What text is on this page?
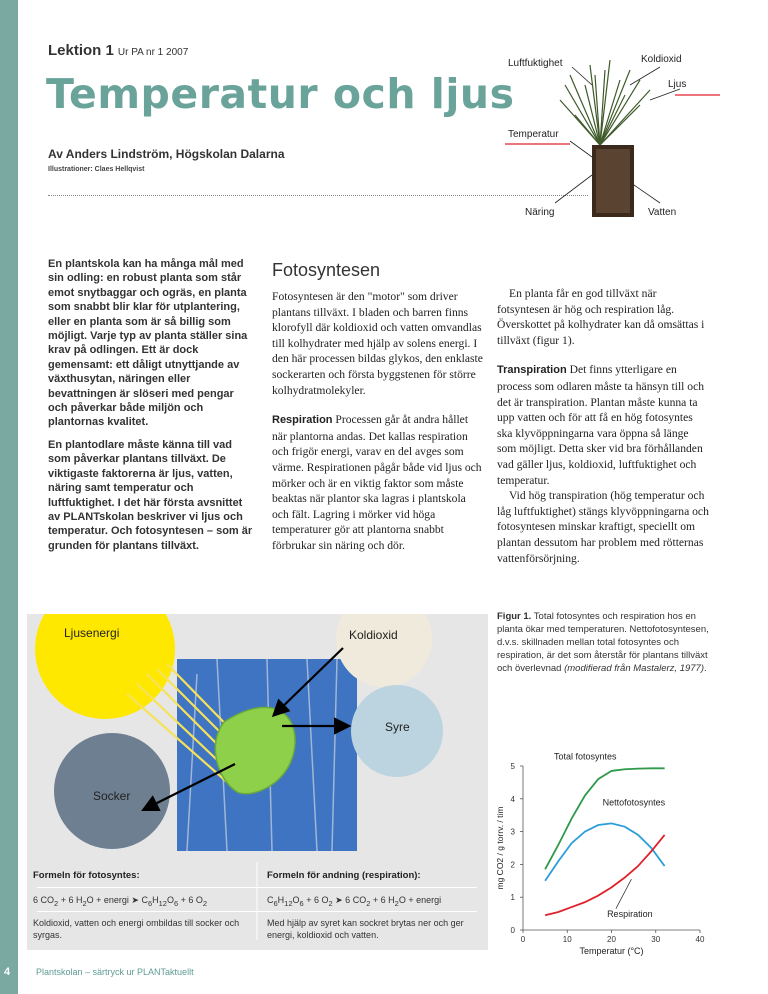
4	Plantskolan – särtryck ur PLANTaktuellt
Lektion 1 Ur PA nr 1 2007
Temperatur och ljus
Av Anders Lindström, Högskolan Dalarna
Illustrationer: Claes Hellqvist
Luftfuktighet	Koldioxid
Ljus
Temperatur
Näring	Vatten

En plantskola kan ha många mål med sin odling: en robust planta som står emot snytbaggar och ogräs, en planta som snabbt blir klar för utplantering, eller en planta som är så billig som möjligt. Varje typ av planta ställer sina krav på odlingen. Ett är dock gemensamt: ett dåligt utnyttjande av växthusytan, näringen eller bevattningen är slöseri med pengar och påverkar både miljön och plantornas kvalitet.

En plantodlare måste känna till vad som påverkar plantans tillväxt. De viktigaste faktorerna är ljus, vatten, näring samt temperatur och luftfuktighet. I det här första avsnittet av PLANTskolan beskriver vi ljus och temperatur. Och fotosyntesen – som är grunden för plantans tillväxt.

Fotosyntesen

Fotosyntesen är den "motor" som driver plantans tillväxt. I bladen och barren finns klorofyll där koldioxid och vatten omvandlas till kolhydrater med hjälp av solens energi. I den här processen bildas glykos, den enklaste sockerarten och första byggstenen för större kolhydratmolekyler.

Respiration Processen går åt andra hållet när plantorna andas. Det kallas respiration och frigör energi, varav en del avges som värme. Respirationen pågår både vid ljus och mörker och är en viktig faktor som måste beaktas när plantor ska lagras i plantskola och fält. Lagring i mörker vid höga temperaturer gör att plantorna snabbt förbrukar sin näring och dör.

En planta får en god tillväxt när fotsyntesen är hög och respiration låg. Överskottet på kolhydrater kan då omsättas i tillväxt (figur 1).

Transpiration Det finns ytterligare en process som odlaren måste ta hänsyn till och det är transpiration. Plantan måste kunna ta upp vatten och för att få en hög fotosyntes ska klyvöppningarna vara öppna så länge som möjligt. Detta sker vid bra förhållanden vad gäller ljus, koldioxid, luftfuktighet och temperatur.

Vid hög transpiration (hög temperatur och låg luftfuktighet) stängs klyvöppningarna och fotosyntesen minskar kraftigt, speciellt om plantan dessutom har problem med rötternas vattenförsörjning.

Ljusenergi	Koldioxid
Syre
Socker
Formeln för fotosyntes:	Formeln för andning (respiration):
6 $CO_2 + 6$ $H_2O$ + energi ➤ $C_6H_{12}O_6 + 6$ $O_2$	$C_6H_{12}O_6 + 6$ $O_2$ ➤ 6 $CO_2 + 6$ $H_2O$ + energi
Koldioxid, vatten och energi ombildas till socker och syrgas.
Med hjälp av syret kan sockret brytas ner och ger energi, koldioxid och vatten.
Figur 1. Total fotosyntes och respiration hos en planta ökar med temperaturen. Nettofotosyntesen, d.v.s. skillnaden mellan total fotosyntes och respiration, är det som återstår för plantans tillväxt och överlevnad (modifierad från Mastalerz, 1977).
0	10	20	30	40
0
1
2
3
4
5
Total fotosyntes
Nettofotosyntes
Respiration
Temperatur (°C)
mg CO2 / g torrv. / tim
